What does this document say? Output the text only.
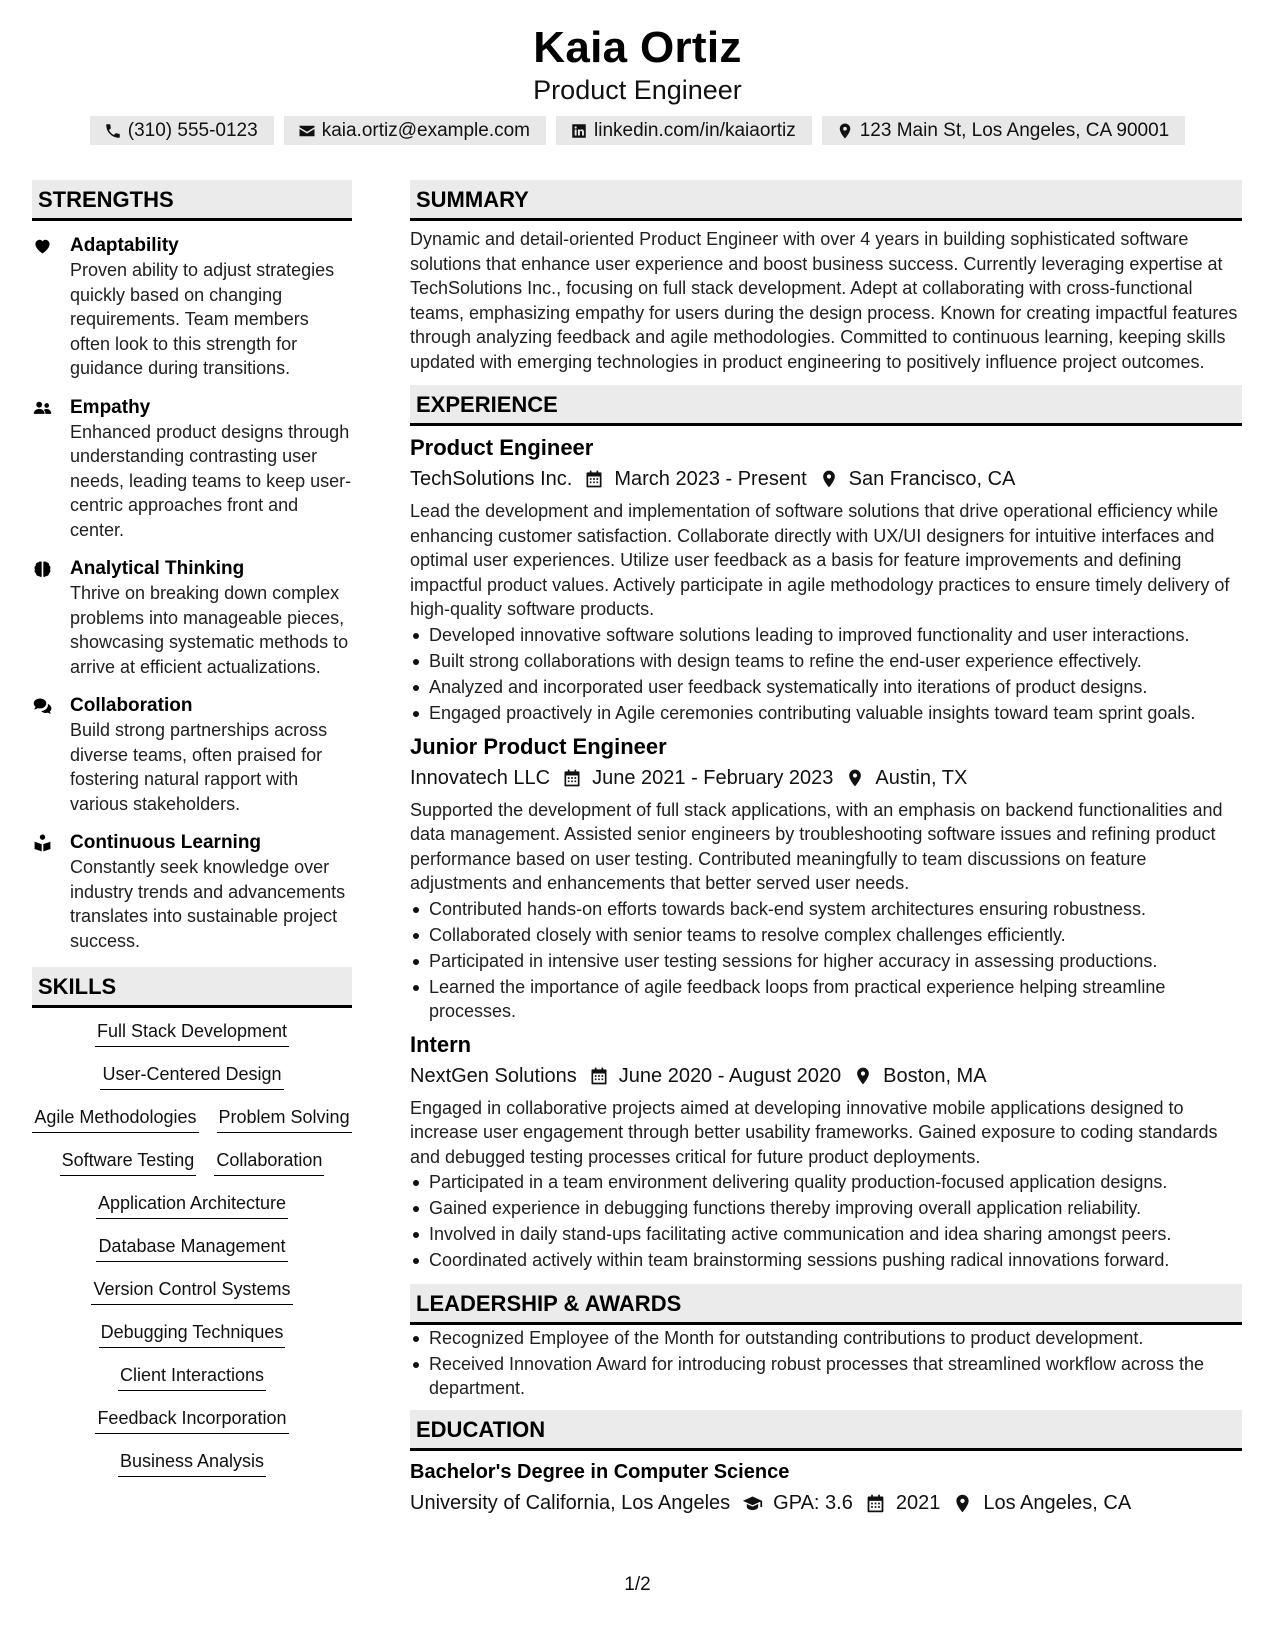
Kaia Ortiz
Product Engineer
(310) 555-0123	kaia.ortiz@example.com	linkedin.com/in/kaiaortiz	123 Main St, Los Angeles, CA 90001
STRENGTHS
Adaptability
Proven ability to adjust strategies quickly based on changing requirements. Team members often look to this strength for guidance during transitions.
Empathy
Enhanced product designs through understanding contrasting user needs, leading teams to keep user-centric approaches front and center.
Analytical Thinking
Thrive on breaking down complex problems into manageable pieces, showcasing systematic methods to arrive at efficient actualizations.
Collaboration
Build strong partnerships across diverse teams, often praised for fostering natural rapport with various stakeholders.
Continuous Learning
Constantly seek knowledge over industry trends and advancements translates into sustainable project success.
SKILLS
Full Stack Development
User-Centered Design
Agile Methodologies Problem Solving
Software Testing Collaboration
Application Architecture
Database Management
Version Control Systems
Debugging Techniques
Client Interactions
Feedback Incorporation
Business Analysis
SUMMARY
Dynamic and detail-oriented Product Engineer with over 4 years in building sophisticated software solutions that enhance user experience and boost business success. Currently leveraging expertise at TechSolutions Inc., focusing on full stack development. Adept at collaborating with cross-functional teams, emphasizing empathy for users during the design process. Known for creating impactful features through analyzing feedback and agile methodologies. Committed to continuous learning, keeping skills updated with emerging technologies in product engineering to positively influence project outcomes.
EXPERIENCE
Product Engineer
TechSolutions Inc. March 2023 - Present San Francisco, CA
Lead the development and implementation of software solutions that drive operational efficiency while enhancing customer satisfaction. Collaborate directly with UX/UI designers for intuitive interfaces and optimal user experiences. Utilize user feedback as a basis for feature improvements and defining impactful product values. Actively participate in agile methodology practices to ensure timely delivery of high-quality software products.
Developed innovative software solutions leading to improved functionality and user interactions.
Built strong collaborations with design teams to refine the end-user experience effectively.
Analyzed and incorporated user feedback systematically into iterations of product designs.
Engaged proactively in Agile ceremonies contributing valuable insights toward team sprint goals.
Junior Product Engineer
Innovatech LLC June 2021 - February 2023 Austin, TX
Supported the development of full stack applications, with an emphasis on backend functionalities and data management. Assisted senior engineers by troubleshooting software issues and refining product performance based on user testing. Contributed meaningfully to team discussions on feature adjustments and enhancements that better served user needs.
Contributed hands-on efforts towards back-end system architectures ensuring robustness.
Collaborated closely with senior teams to resolve complex challenges efficiently.
Participated in intensive user testing sessions for higher accuracy in assessing productions.
Learned the importance of agile feedback loops from practical experience helping streamline processes.
Intern
NextGen Solutions June 2020 - August 2020 Boston, MA
Engaged in collaborative projects aimed at developing innovative mobile applications designed to increase user engagement through better usability frameworks. Gained exposure to coding standards and debugged testing processes critical for future product deployments.
Participated in a team environment delivering quality production-focused application designs.
Gained experience in debugging functions thereby improving overall application reliability.
Involved in daily stand-ups facilitating active communication and idea sharing amongst peers.
Coordinated actively within team brainstorming sessions pushing radical innovations forward.
LEADERSHIP & AWARDS
Recognized Employee of the Month for outstanding contributions to product development.
Received Innovation Award for introducing robust processes that streamlined workflow across the department.
EDUCATION
Bachelor's Degree in Computer Science
University of California, Los Angeles GPA: 3.6 2021 Los Angeles, CA
1/2
